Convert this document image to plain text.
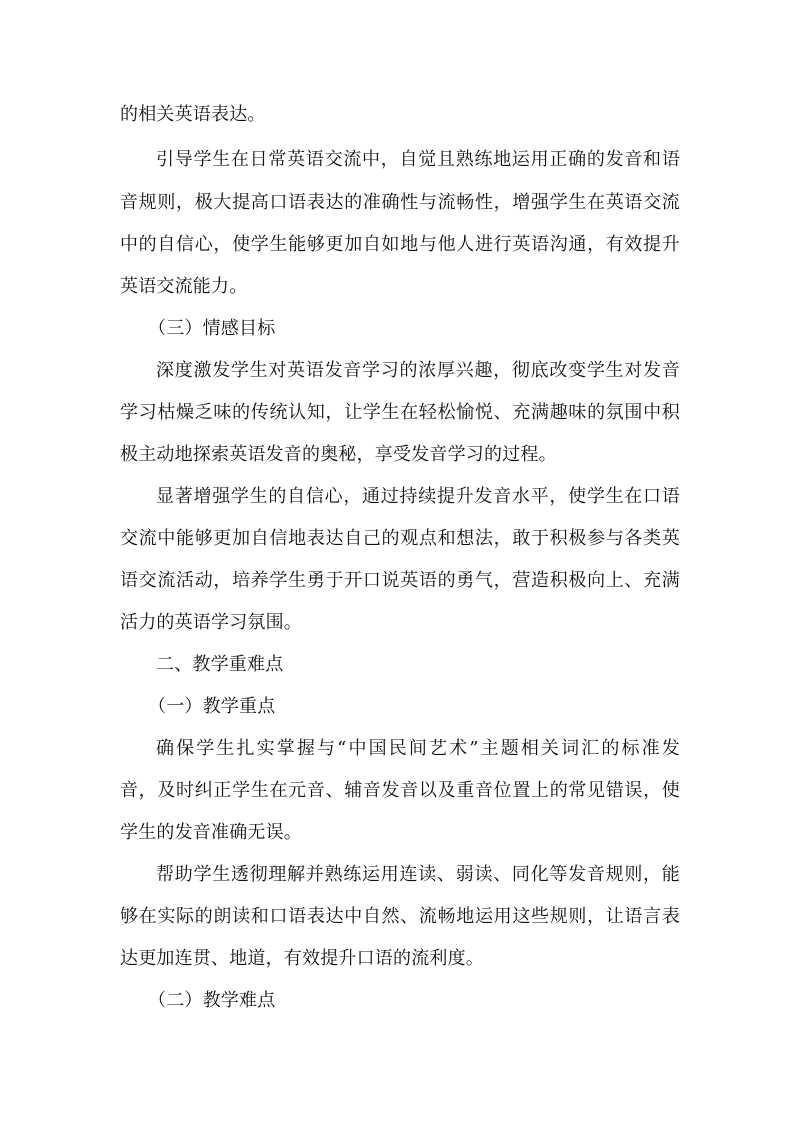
的相关英语表达。
引导学生在日常英语交流中，自觉且熟练地运用正确的发音和语
音规则，极大提高口语表达的准确性与流畅性，增强学生在英语交流
中的自信心，使学生能够更加自如地与他人进行英语沟通，有效提升
英语交流能力。
（三）情感目标
深度激发学生对英语发音学习的浓厚兴趣，彻底改变学生对发音
学习枯燥乏味的传统认知，让学生在轻松愉悦、充满趣味的氛围中积
极主动地探索英语发音的奥秘，享受发音学习的过程。
显著增强学生的自信心，通过持续提升发音水平，使学生在口语
交流中能够更加自信地表达自己的观点和想法，敢于积极参与各类英
语交流活动，培养学生勇于开口说英语的勇气，营造积极向上、充满
活力的英语学习氛围。
二、教学重难点
（一）教学重点
确保学生扎实掌握与“中国民间艺术”主题相关词汇的标准发
音，及时纠正学生在元音、辅音发音以及重音位置上的常见错误，使
学生的发音准确无误。
帮助学生透彻理解并熟练运用连读、弱读、同化等发音规则，能
够在实际的朗读和口语表达中自然、流畅地运用这些规则，让语言表
达更加连贯、地道，有效提升口语的流利度。
（二）教学难点
